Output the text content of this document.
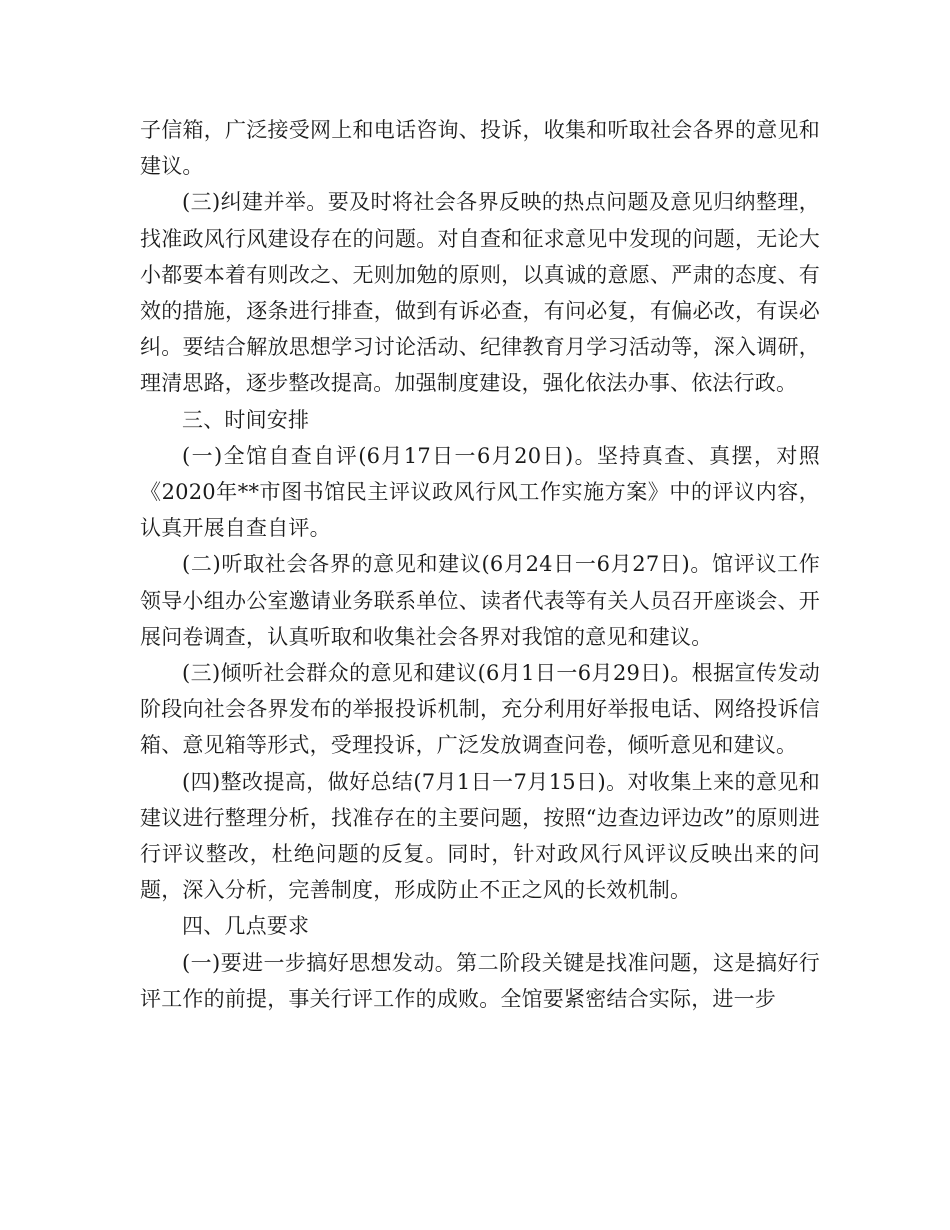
子信箱，广泛接受网上和电话咨询、投诉，收集和听取社会各界的意见和建议。

(三)纠建并举。要及时将社会各界反映的热点问题及意见归纳整理，找准政风行风建设存在的问题。对自查和征求意见中发现的问题，无论大小都要本着有则改之、无则加勉的原则，以真诚的意愿、严肃的态度、有效的措施，逐条进行排查，做到有诉必查，有问必复，有偏必改，有误必纠。要结合解放思想学习讨论活动、纪律教育月学习活动等，深入调研，理清思路，逐步整改提高。加强制度建设，强化依法办事、依法行政。

三、时间安排

(一)全馆自查自评(6月17日一6月20日)。坚持真查、真摆，对照《2020年**市图书馆民主评议政风行风工作实施方案》中的评议内容，认真开展自查自评。

(二)听取社会各界的意见和建议(6月24日一6月27日)。馆评议工作领导小组办公室邀请业务联系单位、读者代表等有关人员召开座谈会、开展问卷调查，认真听取和收集社会各界对我馆的意见和建议。

(三)倾听社会群众的意见和建议(6月1日一6月29日)。根据宣传发动阶段向社会各界发布的举报投诉机制，充分利用好举报电话、网络投诉信箱、意见箱等形式，受理投诉，广泛发放调查问卷，倾听意见和建议。

(四)整改提高，做好总结(7月1日一7月15日)。对收集上来的意见和建议进行整理分析，找准存在的主要问题，按照“边查边评边改”的原则进行评议整改，杜绝问题的反复。同时，针对政风行风评议反映出来的问题，深入分析，完善制度，形成防止不正之风的长效机制。

四、几点要求

(一)要进一步搞好思想发动。第二阶段关键是找准问题，这是搞好行评工作的前提，事关行评工作的成败。全馆要紧密结合实际，进一步
